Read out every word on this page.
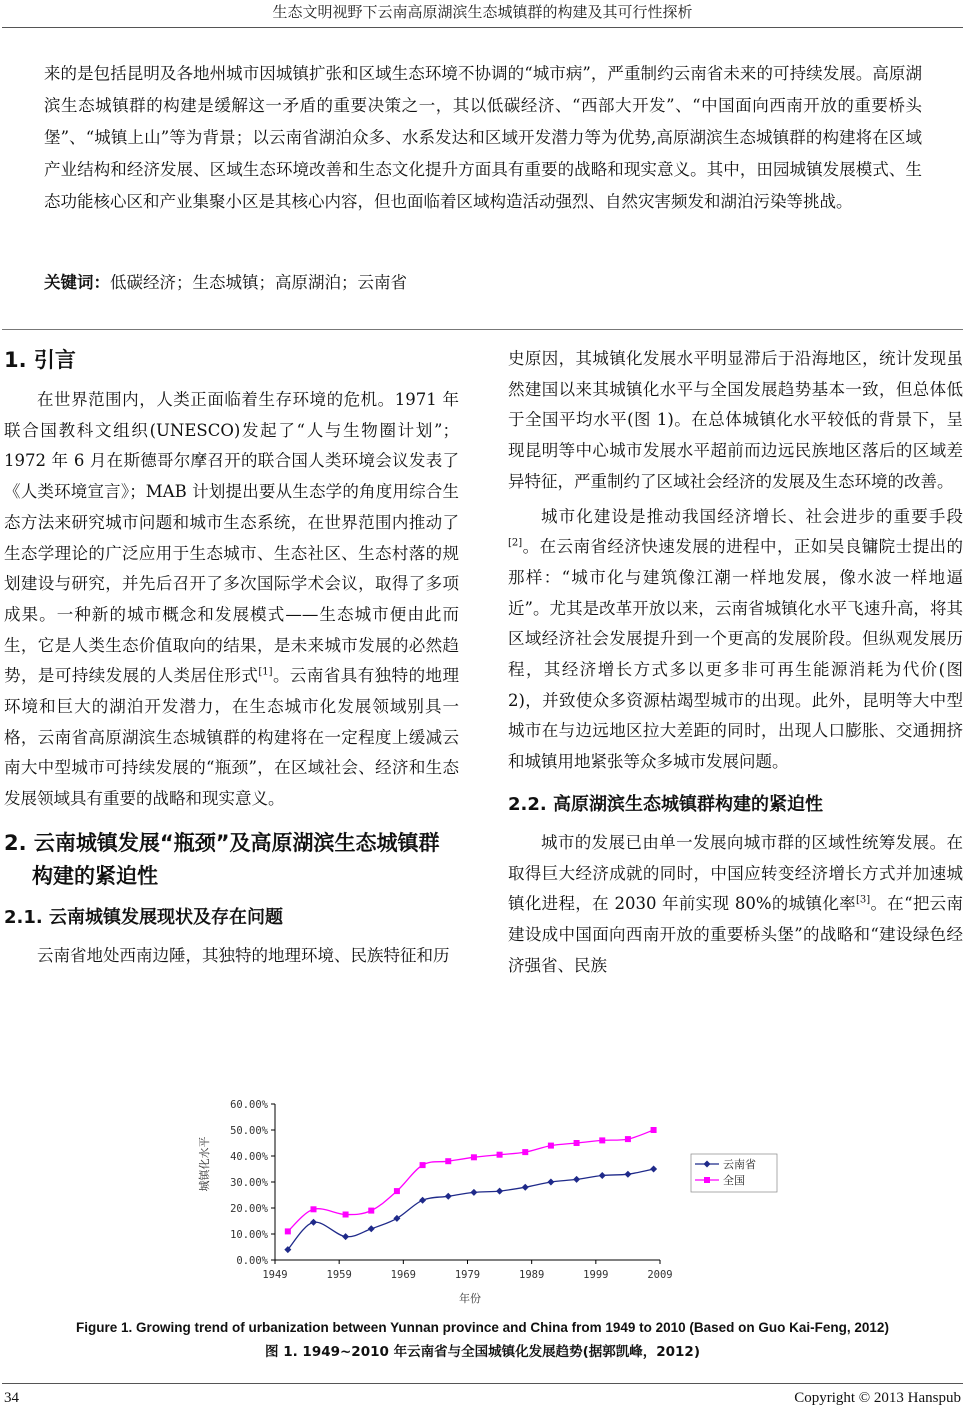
生态文明视野下云南高原湖滨生态城镇群的构建及其可行性探析

来的是包括昆明及各地州城市因城镇扩张和区域生态环境不协调的“城市病”，严重制约云南省未来的可持续发展。高原湖滨生态城镇群的构建是缓解这一矛盾的重要决策之一，其以低碳经济、“西部大开发”、“中国面向西南开放的重要桥头堡”、“城镇上山”等为背景；以云南省湖泊众多、水系发达和区域开发潜力等为优势,高原湖滨生态城镇群的构建将在区域产业结构和经济发展、区域生态环境改善和生态文化提升方面具有重要的战略和现实意义。其中，田园城镇发展模式、生态功能核心区和产业集聚小区是其核心内容，但也面临着区域构造活动强烈、自然灾害频发和湖泊污染等挑战。

关键词：低碳经济；生态城镇；高原湖泊；云南省

1. 引言

在世界范围内，人类正面临着生存环境的危机。1971 年联合国教科文组织(UNESCO)发起了“人与生物圈计划”；1972 年 6 月在斯德哥尔摩召开的联合国人类环境会议发表了《人类环境宣言》；MAB 计划提出要从生态学的角度用综合生态方法来研究城市问题和城市生态系统，在世界范围内推动了生态学理论的广泛应用于生态城市、生态社区、生态村落的规划建设与研究，并先后召开了多次国际学术会议，取得了多项成果。一种新的城市概念和发展模式——生态城市便由此而生，它是人类生态价值取向的结果，是未来城市发展的必然趋势，是可持续发展的人类居住形式[1]。云南省具有独特的地理环境和巨大的湖泊开发潜力，在生态城市化发展领域别具一格，云南省高原湖滨生态城镇群的构建将在一定程度上缓减云南大中型城市可持续发展的“瓶颈”，在区域社会、经济和生态发展领域具有重要的战略和现实意义。

2. 云南城镇发展“瓶颈”及高原湖滨生态城镇群构建的紧迫性
2.1. 云南城镇发展现状及存在问题

云南省地处西南边陲，其独特的地理环境、民族特征和历

史原因，其城镇化发展水平明显滞后于沿海地区，统计发现虽然建国以来其城镇化水平与全国发展趋势基本一致，但总体低于全国平均水平(图 1)。在总体城镇化水平较低的背景下，呈现昆明等中心城市发展水平超前而边远民族地区落后的区域差异特征，严重制约了区域社会经济的发展及生态环境的改善。

城市化建设是推动我国经济增长、社会进步的重要手段[2]。在云南省经济快速发展的进程中，正如吴良镛院士提出的那样：“城市化与建筑像江潮一样地发展，像水波一样地逼近”。尤其是改革开放以来，云南省城镇化水平飞速升高，将其区域经济社会发展提升到一个更高的发展阶段。但纵观发展历程，其经济增长方式多以更多非可再生能源消耗为代价(图 2)，并致使众多资源枯竭型城市的出现。此外，昆明等大中型城市在与边远地区拉大差距的同时，出现人口膨胀、交通拥挤和城镇用地紧张等众多城市发展问题。

2.2. 高原湖滨生态城镇群构建的紧迫性

城市的发展已由单一发展向城市群的区域性统筹发展。在取得巨大经济成就的同时，中国应转变经济增长方式并加速城镇化进程，在 2030 年前实现 80%的城镇化率[3]。在“把云南建设成中国面向西南开放的重要桥头堡”的战略和“建设绿色经济强省、民族

0.00%
10.00%
20.00%
30.00%
40.00%
50.00%
60.00%
1949	1959	1969	1979	1989	1999	2009
云南省
全国
年份
城镇化水平
Figure 1. Growing trend of urbanization between Yunnan province and China from 1949 to 2010 (Based on Guo Kai-Feng, 2012)
图 1. 1949~2010 年云南省与全国城镇化发展趋势(据郭凯峰，2012)
34	Copyright © 2013 Hanspub
